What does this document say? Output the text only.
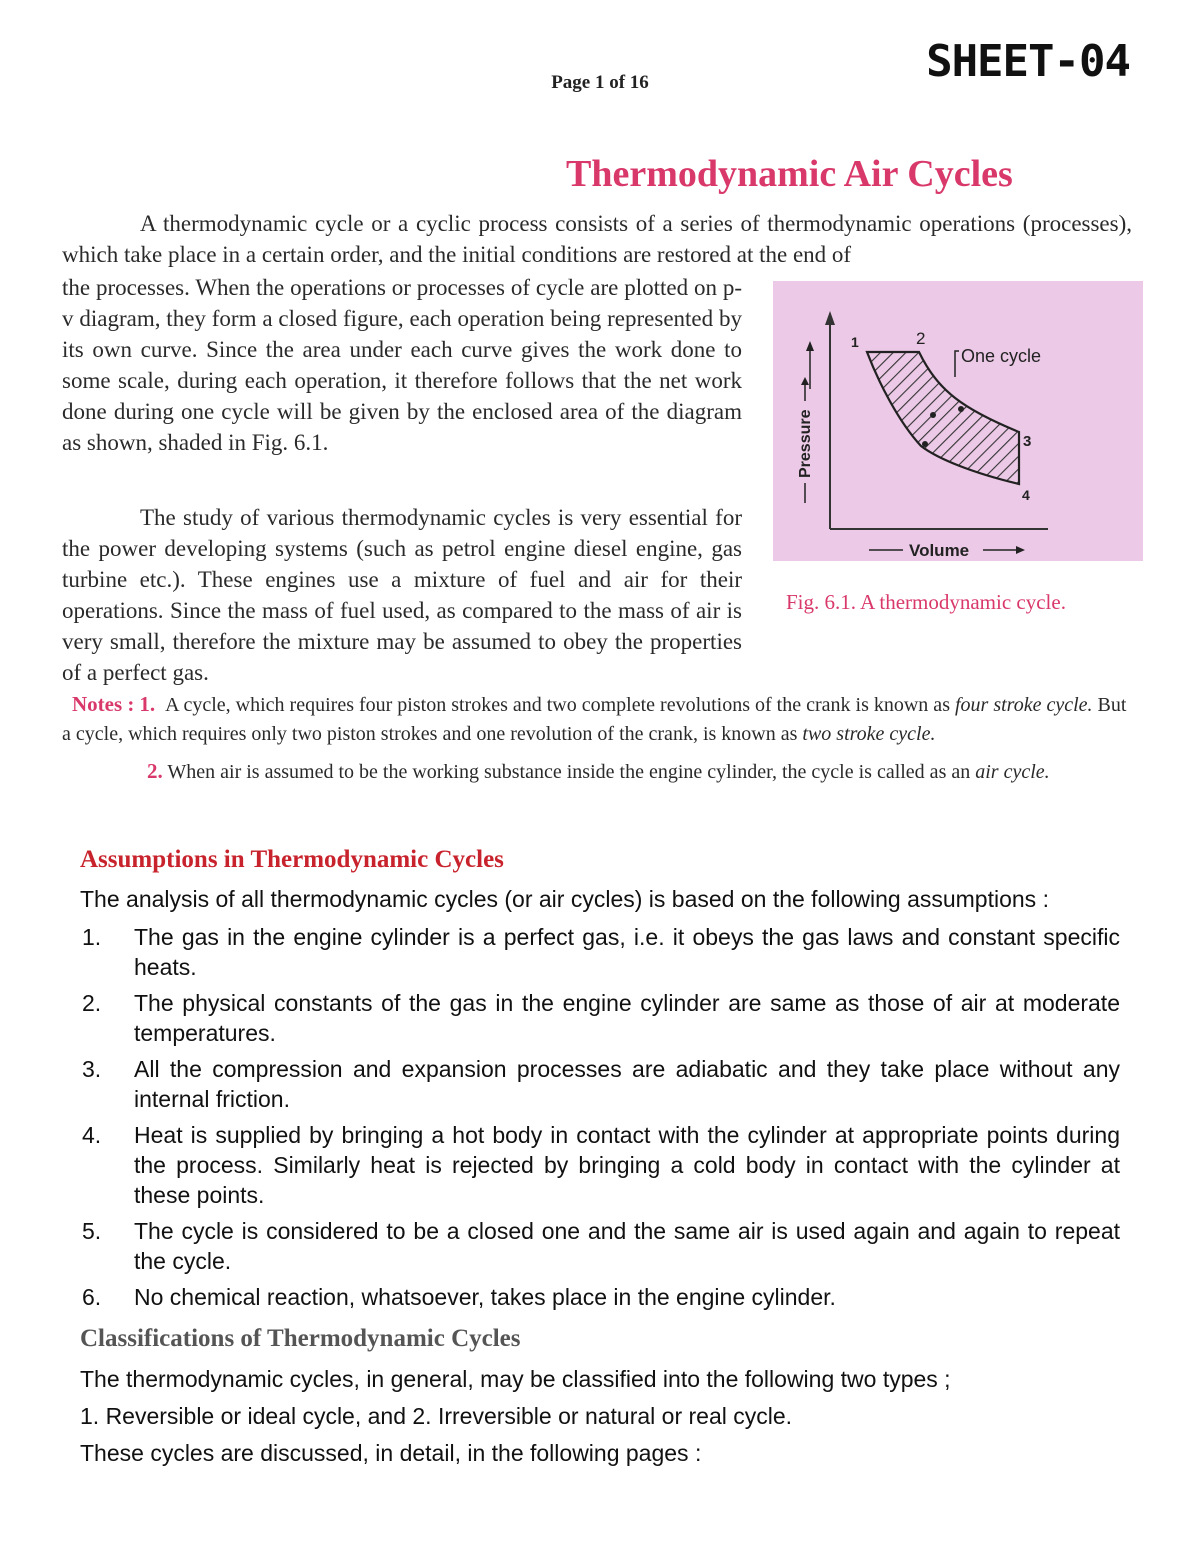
Page 1 of 16	SHEET-04
Thermodynamic Air Cycles

A thermodynamic cycle or a cyclic process consists of a series of thermodynamic operations (processes), which take place in a certain order, and the initial conditions are restored at the end of

the processes. When the operations or processes of cycle are plotted on p-v diagram, they form a closed figure, each operation being represented by its own curve. Since the area under each curve gives the work done to some scale, during each operation, it therefore follows that the net work done during one cycle will be given by the enclosed area of the diagram as shown, shaded in Fig. 6.1.

The study of various thermodynamic cycles is very essential for the power developing systems (such as petrol engine diesel engine, gas turbine etc.). These engines use a mixture of fuel and air for their operations. Since the mass of fuel used, as compared to the mass of air is very small, therefore the mixture may be assumed to obey the properties of a perfect gas.

1	2
3
4
One cycle
Pressure
Volume
Fig. 6.1. A thermodynamic cycle.

Notes : 1. A cycle, which requires four piston strokes and two complete revolutions of the crank is known as four stroke cycle. But a cycle, which requires only two piston strokes and one revolution of the crank, is known as two stroke cycle.

2. When air is assumed to be the working substance inside the engine cylinder, the cycle is called as an air cycle.

Assumptions in Thermodynamic Cycles
The analysis of all thermodynamic cycles (or air cycles) is based on the following assumptions :
1. The gas in the engine cylinder is a perfect gas, i.e. it obeys the gas laws and constant specific heats.
2. The physical constants of the gas in the engine cylinder are same as those of air at moderate temperatures.
3. All the compression and expansion processes are adiabatic and they take place without any internal friction.
4. Heat is supplied by bringing a hot body in contact with the cylinder at appropriate points during the process. Similarly heat is rejected by bringing a cold body in contact with the cylinder at these points.
5. The cycle is considered to be a closed one and the same air is used again and again to repeat the cycle.
6. No chemical reaction, whatsoever, takes place in the engine cylinder.
Classifications of Thermodynamic Cycles
The thermodynamic cycles, in general, may be classified into the following two types ;
1. Reversible or ideal cycle, and 2. Irreversible or natural or real cycle.
These cycles are discussed, in detail, in the following pages :
